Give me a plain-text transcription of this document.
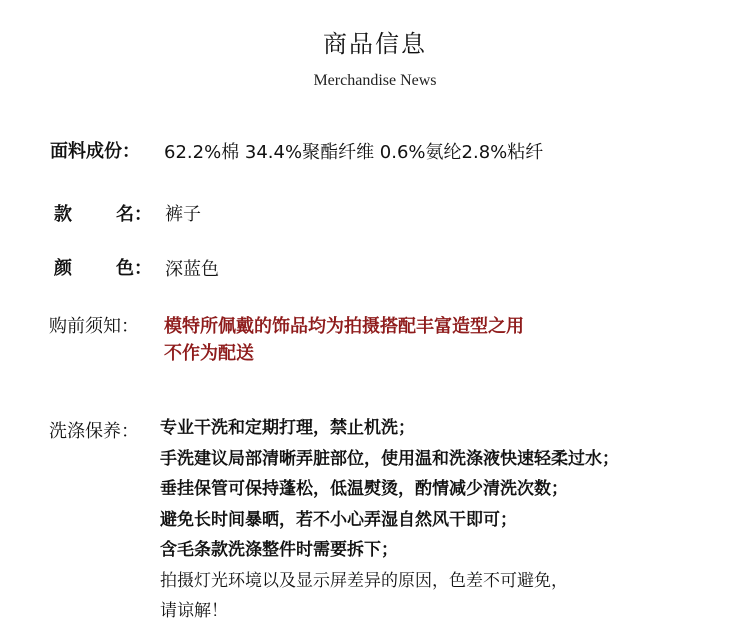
商品信息
Merchandise News
面料成份： 62.2%棉 34.4%聚酯纤维 0.6%氨纶2.8%粘纤
款 名： 裤子
颜 色： 深蓝色
购前须知： 模特所佩戴的饰品均为拍摄搭配丰富造型之用
不作为配送
洗涤保养： 专业干洗和定期打理，禁止机洗；
手洗建议局部清晰弄脏部位，使用温和洗涤液快速轻柔过水；
垂挂保管可保持蓬松，低温熨烫，酌情减少清洗次数；
避免长时间暴晒，若不小心弄湿自然风干即可；
含毛条款洗涤整件时需要拆下；
拍摄灯光环境以及显示屏差异的原因，色差不可避免，
请谅解！
